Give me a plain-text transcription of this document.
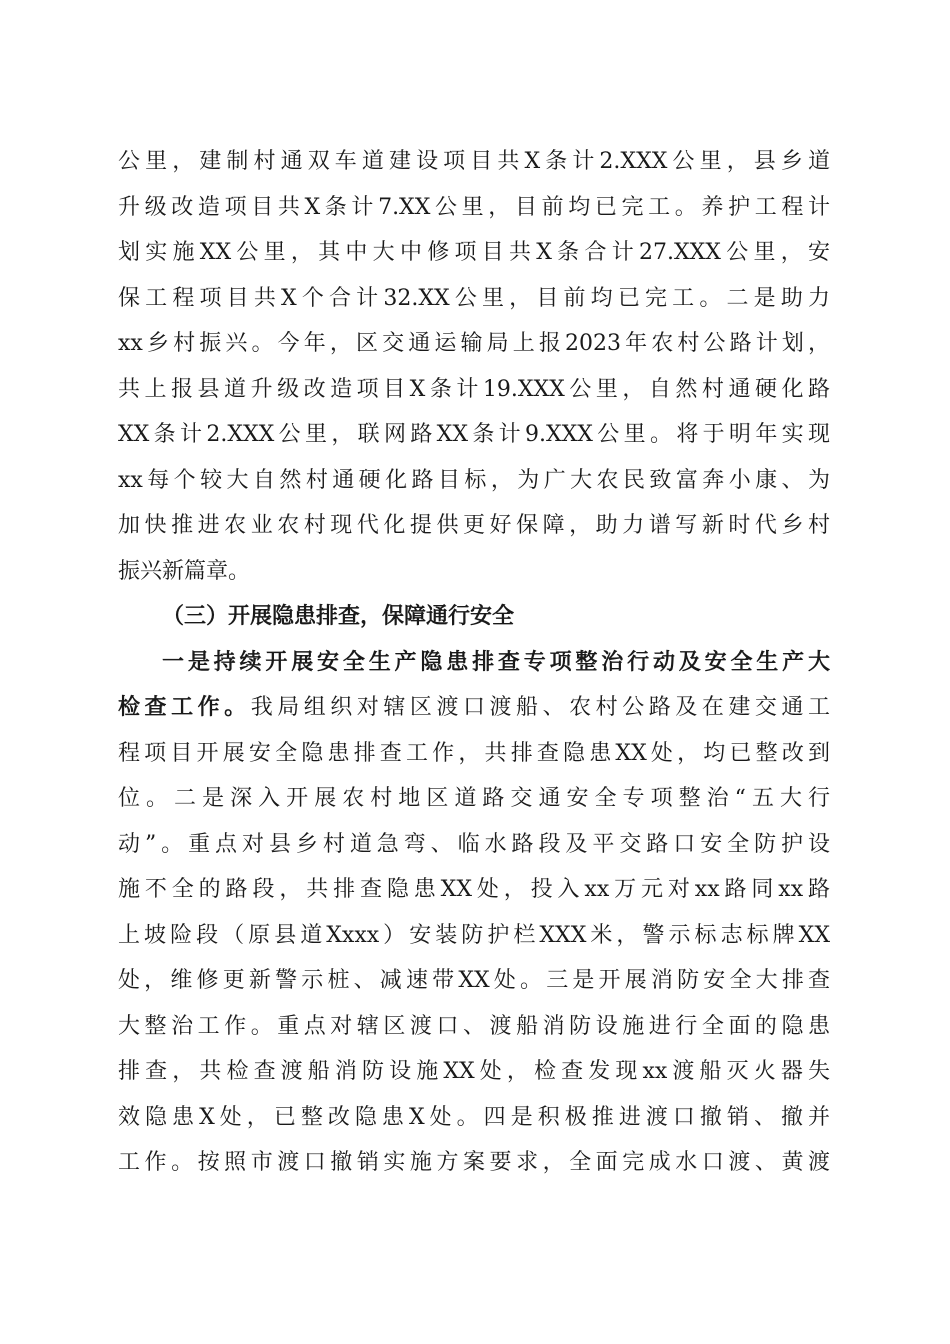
公里，建制村通双车道建设项目共X条计2.XXX公里，县乡道
升级改造项目共X条计7.XX公里，目前均已完工。养护工程计
划实施XX公里，其中大中修项目共X条合计27.XXX公里，安
保工程项目共X个合计32.XX公里，目前均已完工。二是助力
xx乡村振兴。今年，区交通运输局上报2023年农村公路计划，
共上报县道升级改造项目X条计19.XXX公里，自然村通硬化路
XX条计2.XXX公里，联网路XX条计9.XXX公里。将于明年实现
xx每个较大自然村通硬化路目标，为广大农民致富奔小康、为
加快推进农业农村现代化提供更好保障，助力谱写新时代乡村
振兴新篇章。
（三）开展隐患排查，保障通行安全
一是持续开展安全生产隐患排查专项整治行动及安全生产大
检查工作。我局组织对辖区渡口渡船、农村公路及在建交通工
程项目开展安全隐患排查工作，共排查隐患XX处，均已整改到
位。二是深入开展农村地区道路交通安全专项整治“五大行
动”。重点对县乡村道急弯、临水路段及平交路口安全防护设
施不全的路段，共排查隐患XX处，投入xx万元对xx路同xx路
上坡险段（原县道Xxxx）安装防护栏XXX米，警示标志标牌XX
处，维修更新警示桩、减速带XX处。三是开展消防安全大排查
大整治工作。重点对辖区渡口、渡船消防设施进行全面的隐患
排查，共检查渡船消防设施XX处，检查发现xx渡船灭火器失
效隐患X处，已整改隐患X处。四是积极推进渡口撤销、撤并
工作。按照市渡口撤销实施方案要求，全面完成水口渡、黄渡
